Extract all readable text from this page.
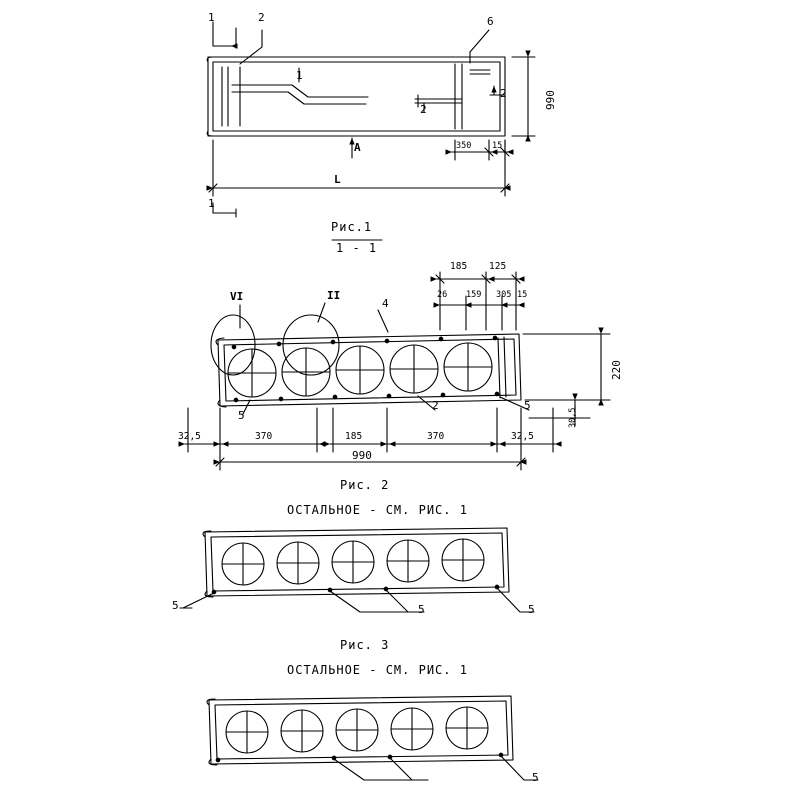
1	2
1
2
6
2
A
1
990
L
350 15
Рис.1
1 - 1
VI	II
4
2
5
5
185 125
26 159 305 15
220
30,5
32,5	370	185	370	32,5
990
Рис. 2
ОСТАЛЬНОЕ - СМ. РИС. 1
5	5	5
Рис. 3
ОСТАЛЬНОЕ - СМ. РИС. 1
5
